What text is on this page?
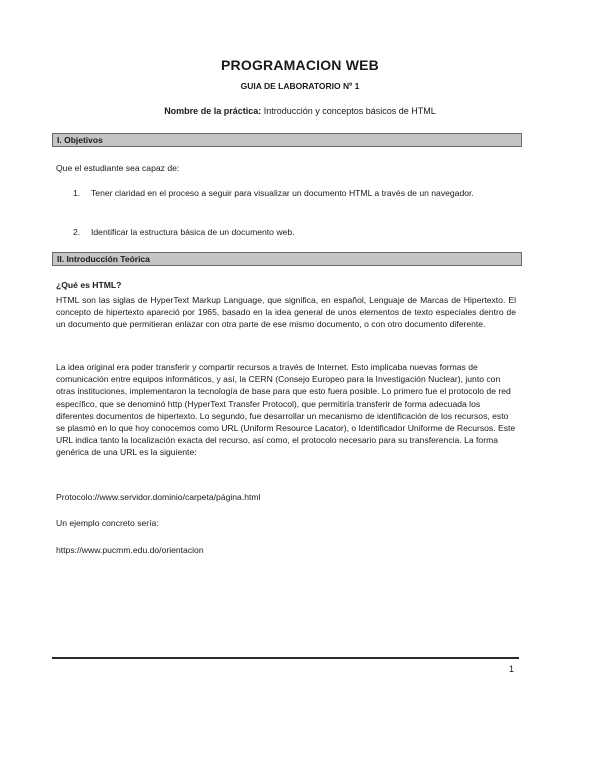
PROGRAMACION WEB
GUIA DE LABORATORIO Nº 1
Nombre de la práctica: Introducción y conceptos básicos de HTML
I. Objetivos
Que el estudiante sea capaz de:
1. Tener claridad en el proceso a seguir para visualizar un documento HTML a través de un navegador.
2. Identificar la estructura básica de un documento web.
II. Introducción Teórica
¿Qué es HTML?
HTML son las siglas de HyperText Markup Language, que significa, en español, Lenguaje de Marcas de Hipertexto. El concepto de hipertexto apareció por 1965, basado en la idea general de unos elementos de texto especiales dentro de un documento que permitieran enlazar con otra parte de ese mismo documento, o con otro documento diferente.
La idea original era poder transferir y compartir recursos a través de Internet. Esto implicaba nuevas formas de comunicación entre equipos informáticos, y así, la CERN (Consejo Europeo para la Investigación Nuclear), junto con otras instituciones, implementaron la tecnología de base para que esto fuera posible. Lo primero fue el protocolo de red específico, que se denominó http (HyperText Transfer Protocol), que permitiría transferir de forma adecuada los diferentes documentos de hipertexto. Lo segundo, fue desarrollar un mecanismo de identificación de los recursos, esto se plasmó en lo que hoy conocemos como URL (Uniform Resource Lacator), o Identificador Uniforme de Recursos. Este URL indica tanto la localización exacta del recurso, así como, el protocolo necesario para su transferencia. La forma genérica de una URL es la siguiente:
Protocolo://www.servidor.dominio/carpeta/página.html
Un ejemplo concreto sería:
https://www.pucmm.edu.do/orientacion
1
